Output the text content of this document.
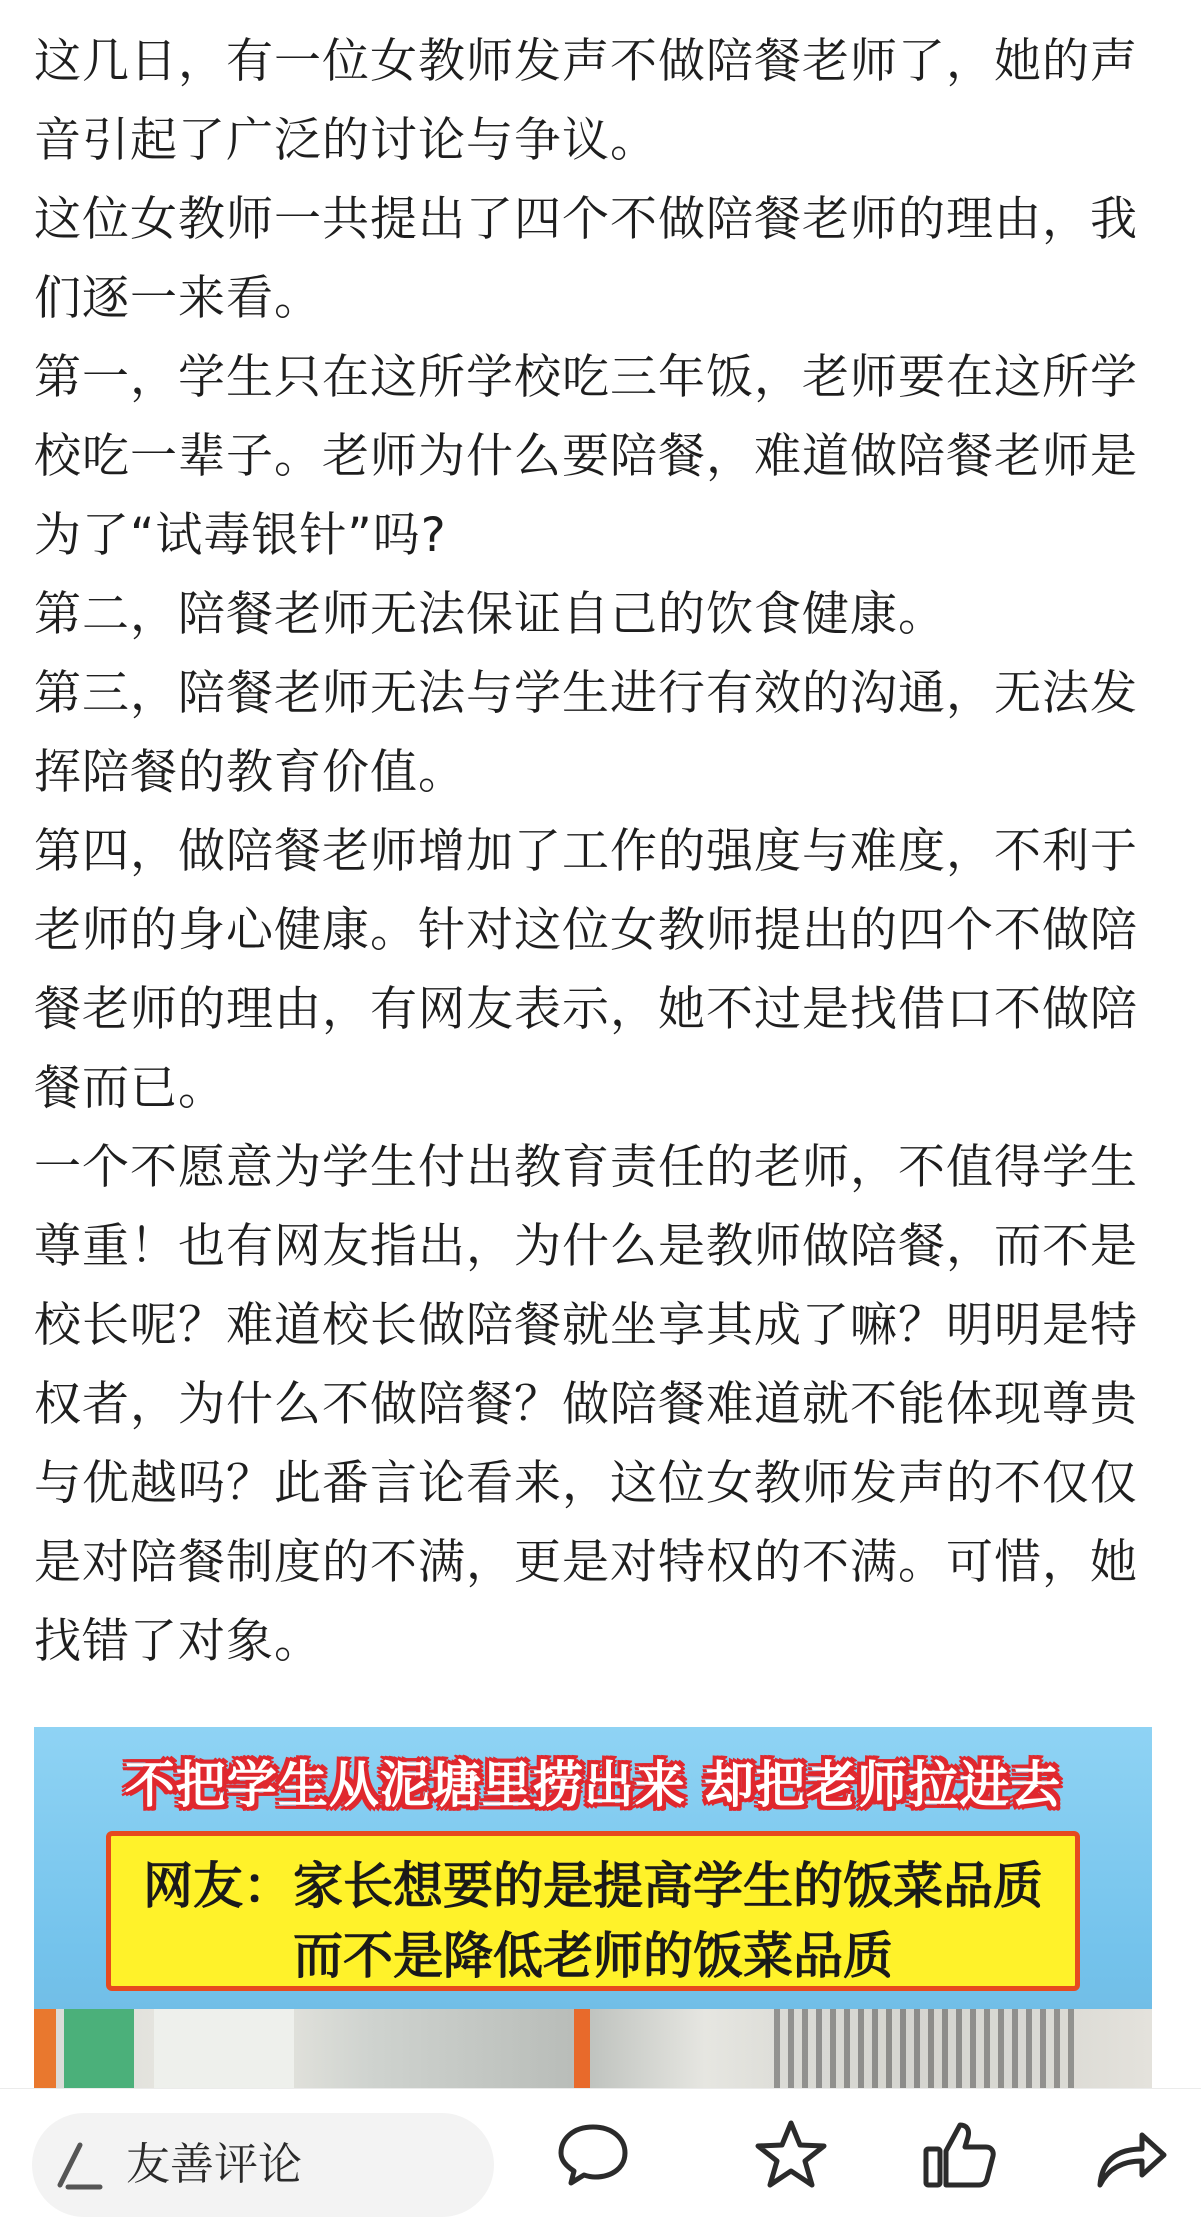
这几日，有一位女教师发声不做陪餐老师了，她的声音引起了广泛的讨论与争议。

这位女教师一共提出了四个不做陪餐老师的理由，我们逐一来看。

第一，学生只在这所学校吃三年饭，老师要在这所学校吃一辈子。老师为什么要陪餐，难道做陪餐老师是为了“试毒银针”吗?

第二，陪餐老师无法保证自己的饮食健康。

第三，陪餐老师无法与学生进行有效的沟通，无法发挥陪餐的教育价值。

第四，做陪餐老师增加了工作的强度与难度，不利于老师的身心健康。针对这位女教师提出的四个不做陪餐老师的理由，有网友表示，她不过是找借口不做陪餐而已。

一个不愿意为学生付出教育责任的老师，不值得学生尊重！也有网友指出，为什么是教师做陪餐，而不是校长呢？难道校长做陪餐就坐享其成了嘛？明明是特权者，为什么不做陪餐？做陪餐难道就不能体现尊贵与优越吗？此番言论看来，这位女教师发声的不仅仅是对陪餐制度的不满，更是对特权的不满。可惜，她找错了对象。

不把学生从泥塘里捞出来 却把老师拉进去
网友：家长想要的是提高学生的饭菜品质
而不是降低老师的饭菜品质
友善评论
